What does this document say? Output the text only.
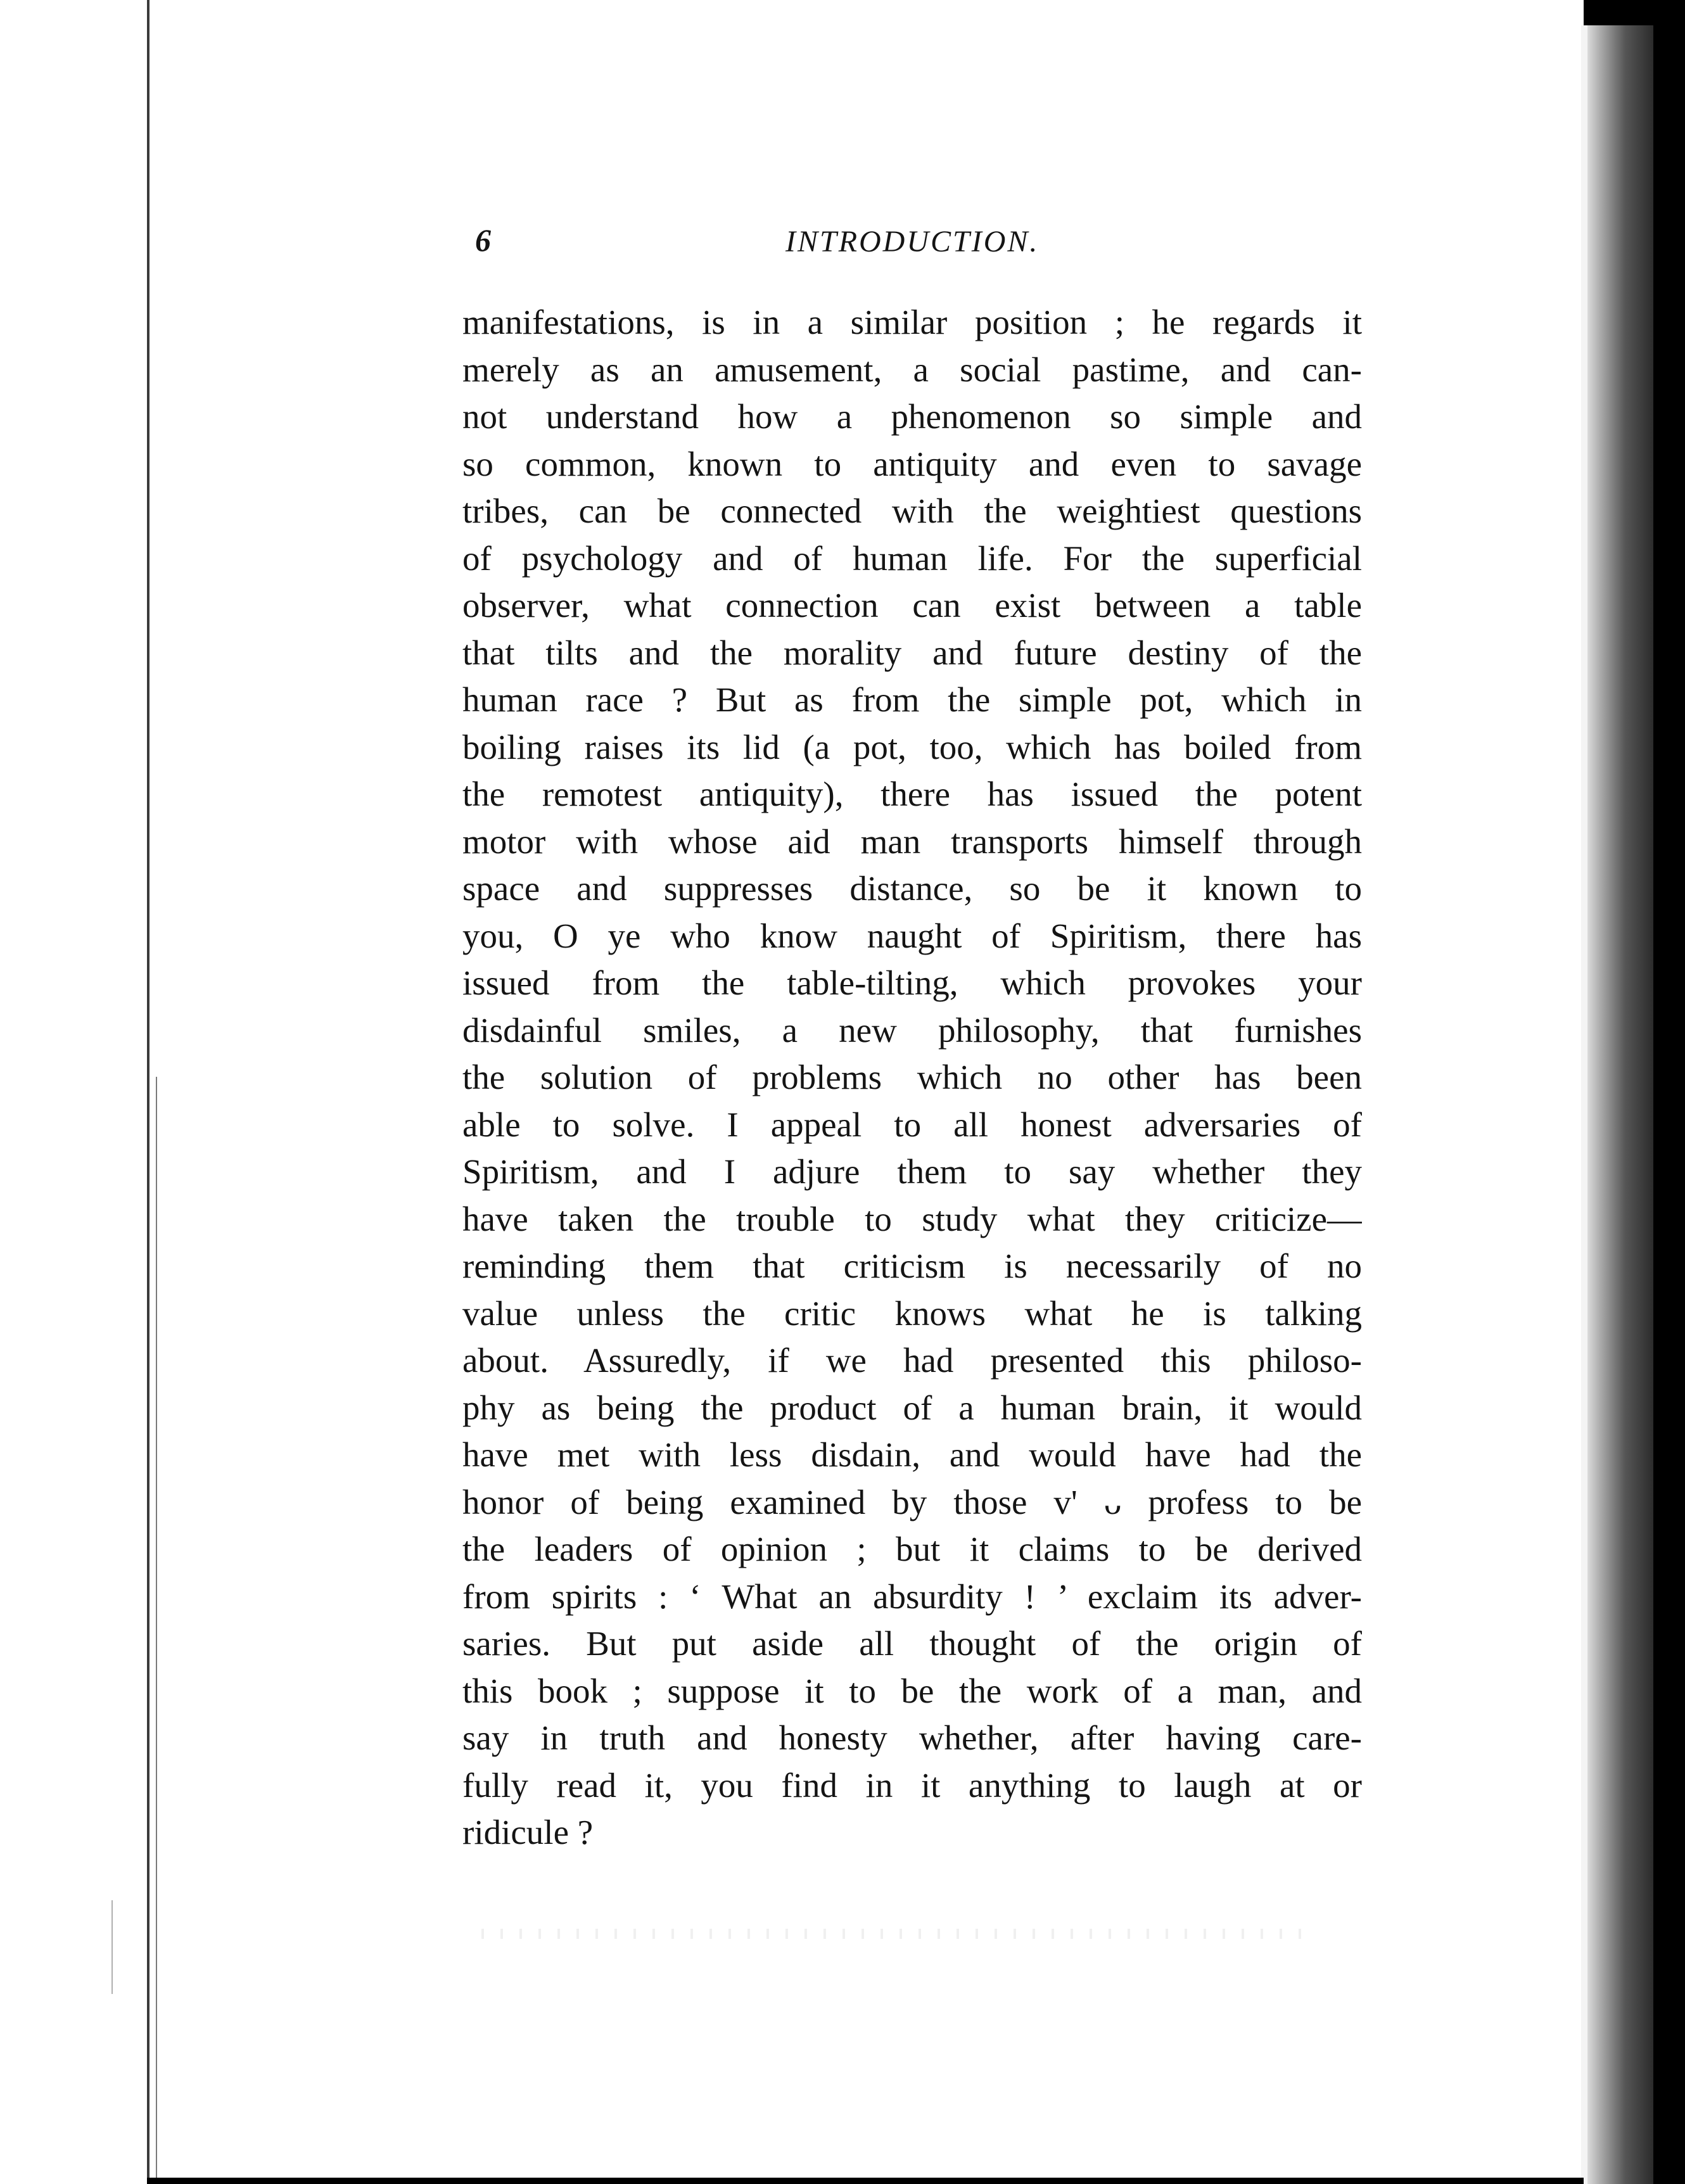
6	INTRODUCTION.
manifestations, is in a similar position ; he regards it
merely as an amusement, a social pastime, and can-
not understand how a phenomenon so simple and
so common, known to antiquity and even to savage
tribes, can be connected with the weightiest questions
of psychology and of human life. For the superficial
observer, what connection can exist between a table
that tilts and the morality and future destiny of the
human race ? But as from the simple pot, which in
boiling raises its lid (a pot, too, which has boiled from
the remotest antiquity), there has issued the potent
motor with whose aid man transports himself through
space and suppresses distance, so be it known to
you, O ye who know naught of Spiritism, there has
issued from the table-tilting, which provokes your
disdainful smiles, a new philosophy, that furnishes
the solution of problems which no other has been
able to solve. I appeal to all honest adversaries of
Spiritism, and I adjure them to say whether they
have taken the trouble to study what they criticize—
reminding them that criticism is necessarily of no
value unless the critic knows what he is talking
about. Assuredly, if we had presented this philoso-
phy as being the product of a human brain, it would
have met with less disdain, and would have had the
honor of being examined by those v' ᴗ profess to be
the leaders of opinion ; but it claims to be derived
from spirits : ‘ What an absurdity ! ’ exclaim its adver-
saries. But put aside all thought of the origin of
this book ; suppose it to be the work of a man, and
say in truth and honesty whether, after having care-
fully read it, you find in it anything to laugh at or
ridicule ?
